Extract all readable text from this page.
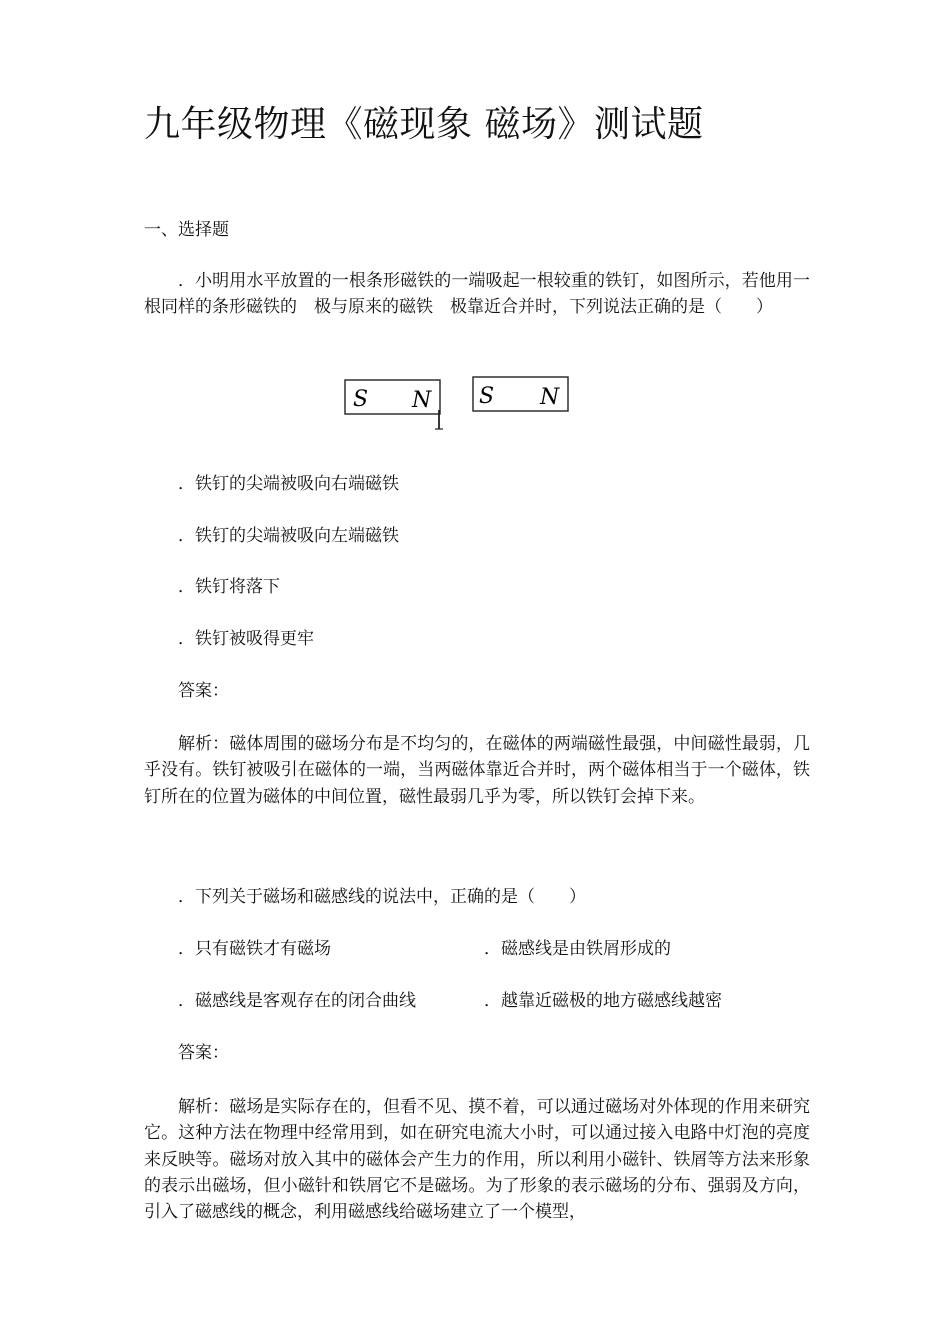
九年级物理《磁现象 磁场》测试题
一、选择题
．小明用水平放置的一根条形磁铁的一端吸起一根较重的铁钉，如图所示，若他用一根同样的条形磁铁的　极与原来的磁铁　极靠近合并时，下列说法正确的是（　　）
S N S N
．铁钉的尖端被吸向右端磁铁
．铁钉的尖端被吸向左端磁铁
．铁钉将落下
．铁钉被吸得更牢
答案：
解析：磁体周围的磁场分布是不均匀的，在磁体的两端磁性最强，中间磁性最弱，几乎没有。铁钉被吸引在磁体的一端，当两磁体靠近合并时，两个磁体相当于一个磁体，铁钉所在的位置为磁体的中间位置，磁性最弱几乎为零，所以铁钉会掉下来。
．下列关于磁场和磁感线的说法中，正确的是（　　）
．只有磁铁才有磁场	．磁感线是由铁屑形成的
．磁感线是客观存在的闭合曲线	．越靠近磁极的地方磁感线越密
答案：
解析：磁场是实际存在的，但看不见、摸不着，可以通过磁场对外体现的作用来研究它。这种方法在物理中经常用到，如在研究电流大小时，可以通过接入电路中灯泡的亮度来反映等。磁场对放入其中的磁体会产生力的作用，所以利用小磁针、铁屑等方法来形象的表示出磁场，但小磁针和铁屑它不是磁场。为了形象的表示磁场的分布、强弱及方向，引入了磁感线的概念，利用磁感线给磁场建立了一个模型，
